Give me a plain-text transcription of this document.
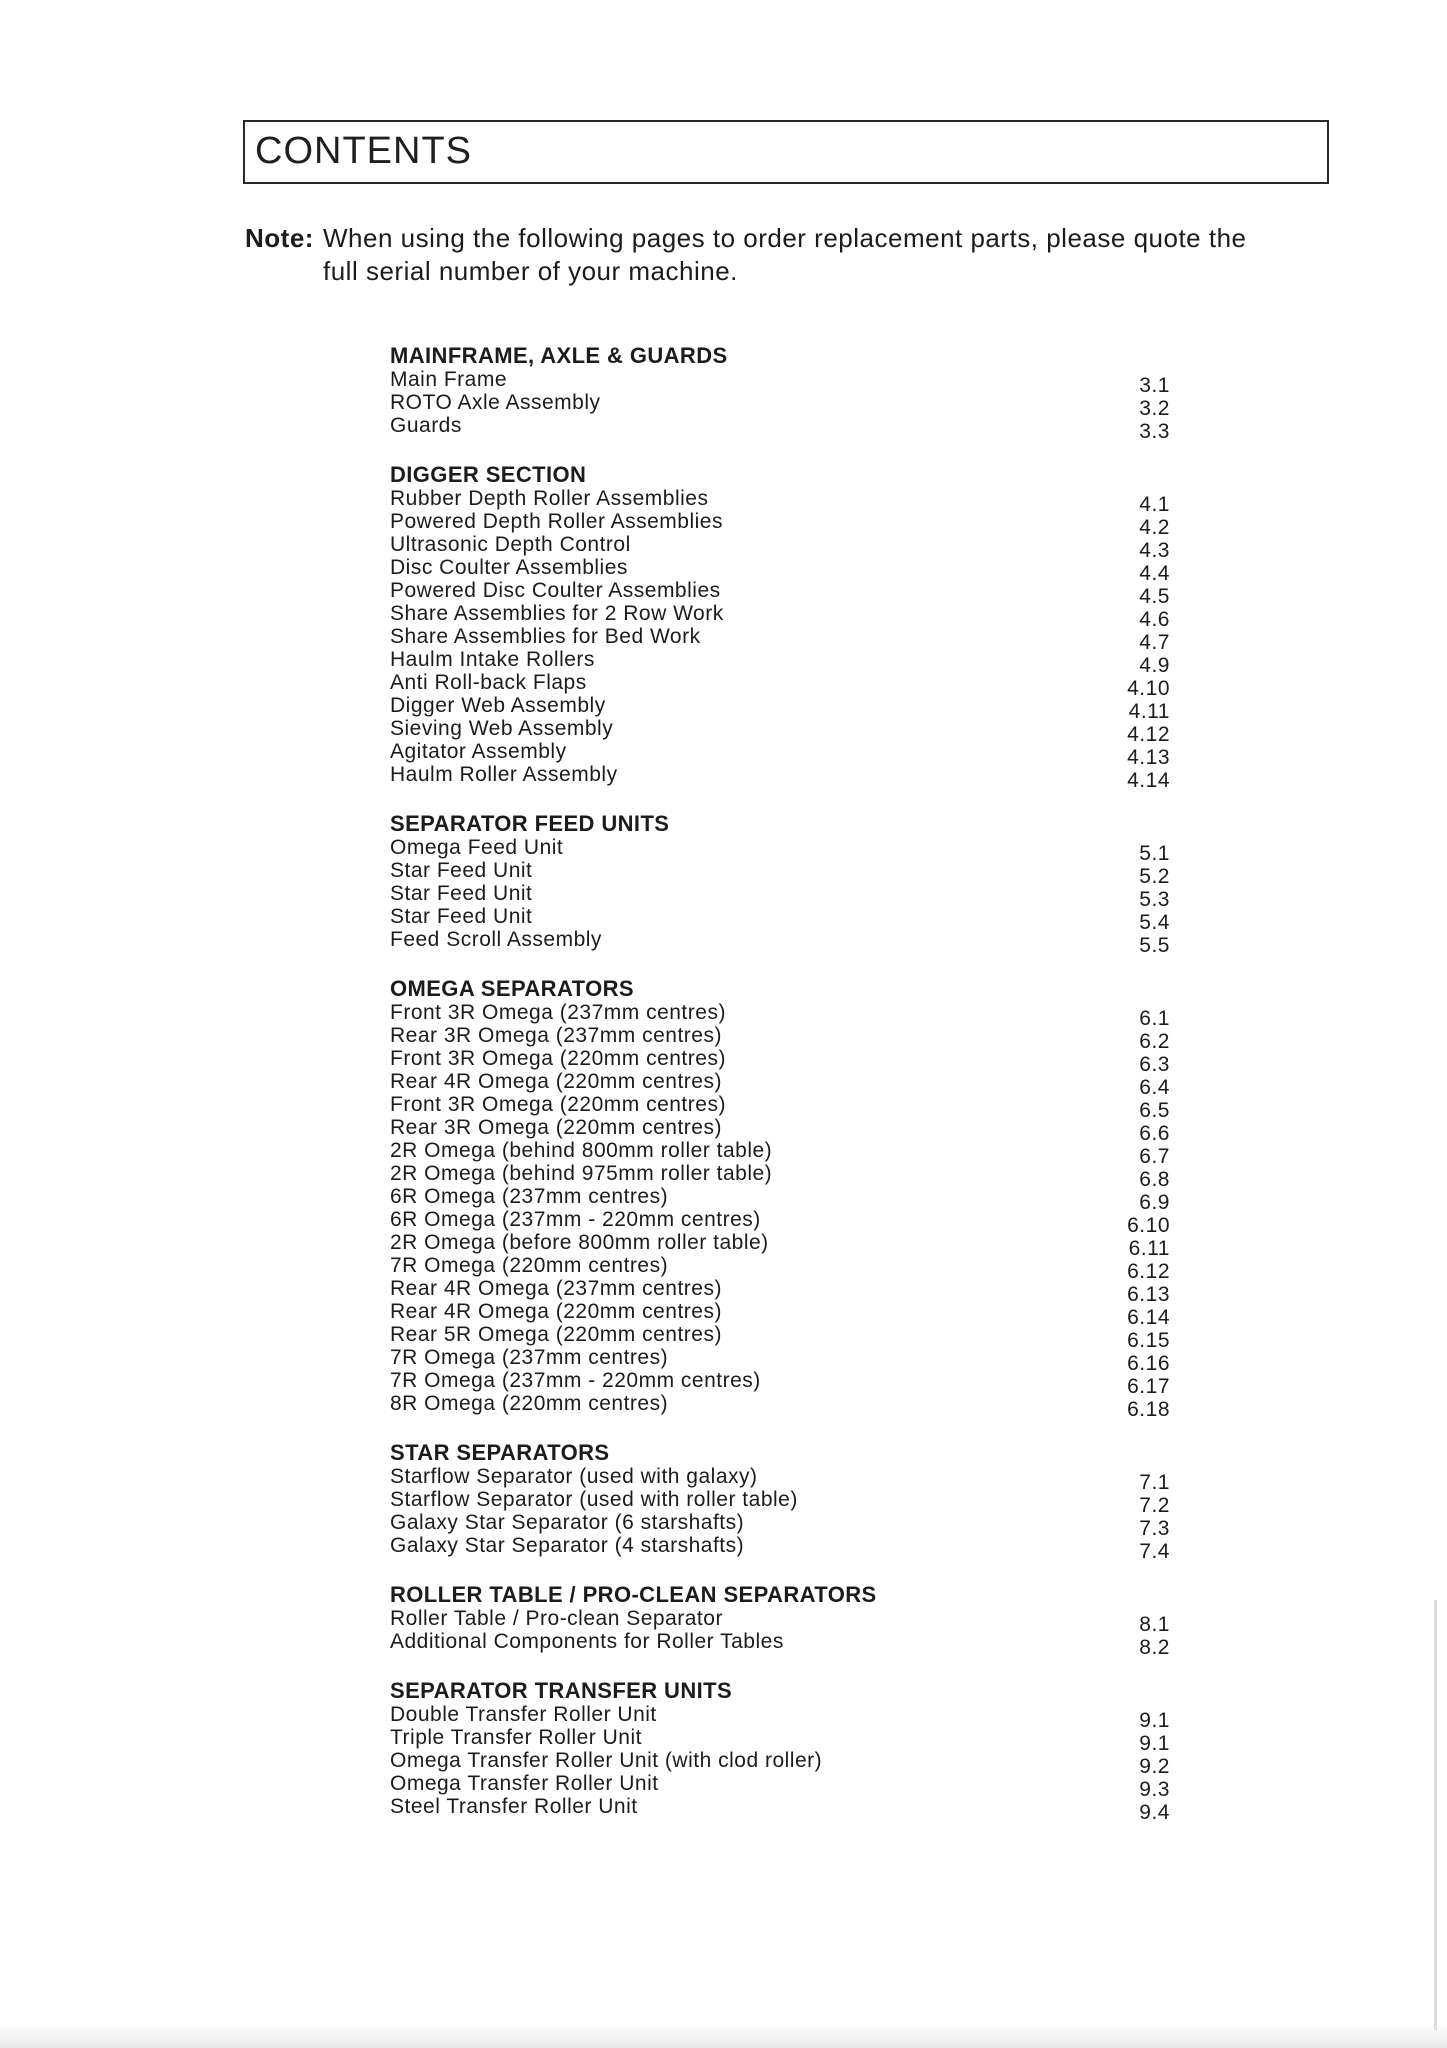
CONTENTS
Note: When using the following pages to order replacement parts, please quote the
full serial number of your machine.
MAINFRAME, AXLE & GUARDS
Main Frame	3.1
ROTO Axle Assembly	3.2
Guards	3.3
DIGGER SECTION
Rubber Depth Roller Assemblies	4.1
Powered Depth Roller Assemblies	4.2
Ultrasonic Depth Control	4.3
Disc Coulter Assemblies	4.4
Powered Disc Coulter Assemblies	4.5
Share Assemblies for 2 Row Work	4.6
Share Assemblies for Bed Work	4.7
Haulm Intake Rollers	4.9
Anti Roll-back Flaps	4.10
Digger Web Assembly	4.11
Sieving Web Assembly	4.12
Agitator Assembly	4.13
Haulm Roller Assembly	4.14
SEPARATOR FEED UNITS
Omega Feed Unit	5.1
Star Feed Unit	5.2
Star Feed Unit	5.3
Star Feed Unit	5.4
Feed Scroll Assembly	5.5
OMEGA SEPARATORS
Front 3R Omega (237mm centres)	6.1
Rear 3R Omega (237mm centres)	6.2
Front 3R Omega (220mm centres)	6.3
Rear 4R Omega (220mm centres)	6.4
Front 3R Omega (220mm centres)	6.5
Rear 3R Omega (220mm centres)	6.6
2R Omega (behind 800mm roller table)	6.7
2R Omega (behind 975mm roller table)	6.8
6R Omega (237mm centres)	6.9
6R Omega (237mm - 220mm centres)	6.10
2R Omega (before 800mm roller table)	6.11
7R Omega (220mm centres)	6.12
Rear 4R Omega (237mm centres)	6.13
Rear 4R Omega (220mm centres)	6.14
Rear 5R Omega (220mm centres)	6.15
7R Omega (237mm centres)	6.16
7R Omega (237mm - 220mm centres)	6.17
8R Omega (220mm centres)	6.18
STAR SEPARATORS
Starflow Separator (used with galaxy)	7.1
Starflow Separator (used with roller table)	7.2
Galaxy Star Separator (6 starshafts)	7.3
Galaxy Star Separator (4 starshafts)	7.4
ROLLER TABLE / PRO-CLEAN SEPARATORS
Roller Table / Pro-clean Separator	8.1
Additional Components for Roller Tables	8.2
SEPARATOR TRANSFER UNITS
Double Transfer Roller Unit	9.1
Triple Transfer Roller Unit	9.1
Omega Transfer Roller Unit (with clod roller)	9.2
Omega Transfer Roller Unit	9.3
Steel Transfer Roller Unit	9.4
